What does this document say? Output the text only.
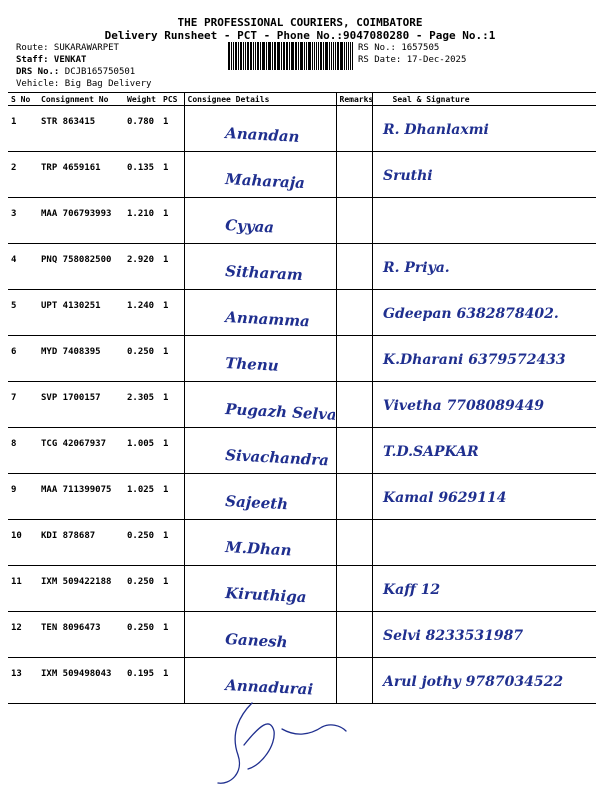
THE PROFESSIONAL COURIERS, COIMBATORE
Delivery Runsheet - PCT - Phone No.:9047080280 - Page No.:1
Route: SUKARAWARPET
Staff: VENKAT
DRS No.: DCJB165750501
Vehicle: Big Bag Delivery
RS No.: 1657505
RS Date: 17-Dec-2025
S No	Consignment No	Weight	PCS	Consignee Details	Remarks	Seal & Signature
1	STR 863415	0.780	1	Anandan		R. Dhanlaxmi

2	TRP 4659161	0.135	1	Maharaja		Sruthi

3	MAA 706793993	1.210	1	Cyyaa		

4	PNQ 758082500	2.920	1	Sitharam		R. Priya.

5	UPT 4130251	1.240	1	Annamma		Gdeepan 6382878402.

6	MYD 7408395	0.250	1	Thenu		K.Dharani 6379572433

7	SVP 1700157	2.305	1	Pugazh Selva		Vivetha 7708089449

8	TCG 42067937	1.005	1	Sivachandra		T.D.SAPKAR

9	MAA 711399075	1.025	1	Sajeeth		Kamal 9629114

10	KDI 878687	0.250	1	M.Dhan		

11	IXM 509422188	0.250	1	Kiruthiga		Kaff 12

12	TEN 8096473	0.250	1	Ganesh		Selvi 8233531987

13	IXM 509498043	0.195	1	Annadurai		Arul jothy 9787034522
